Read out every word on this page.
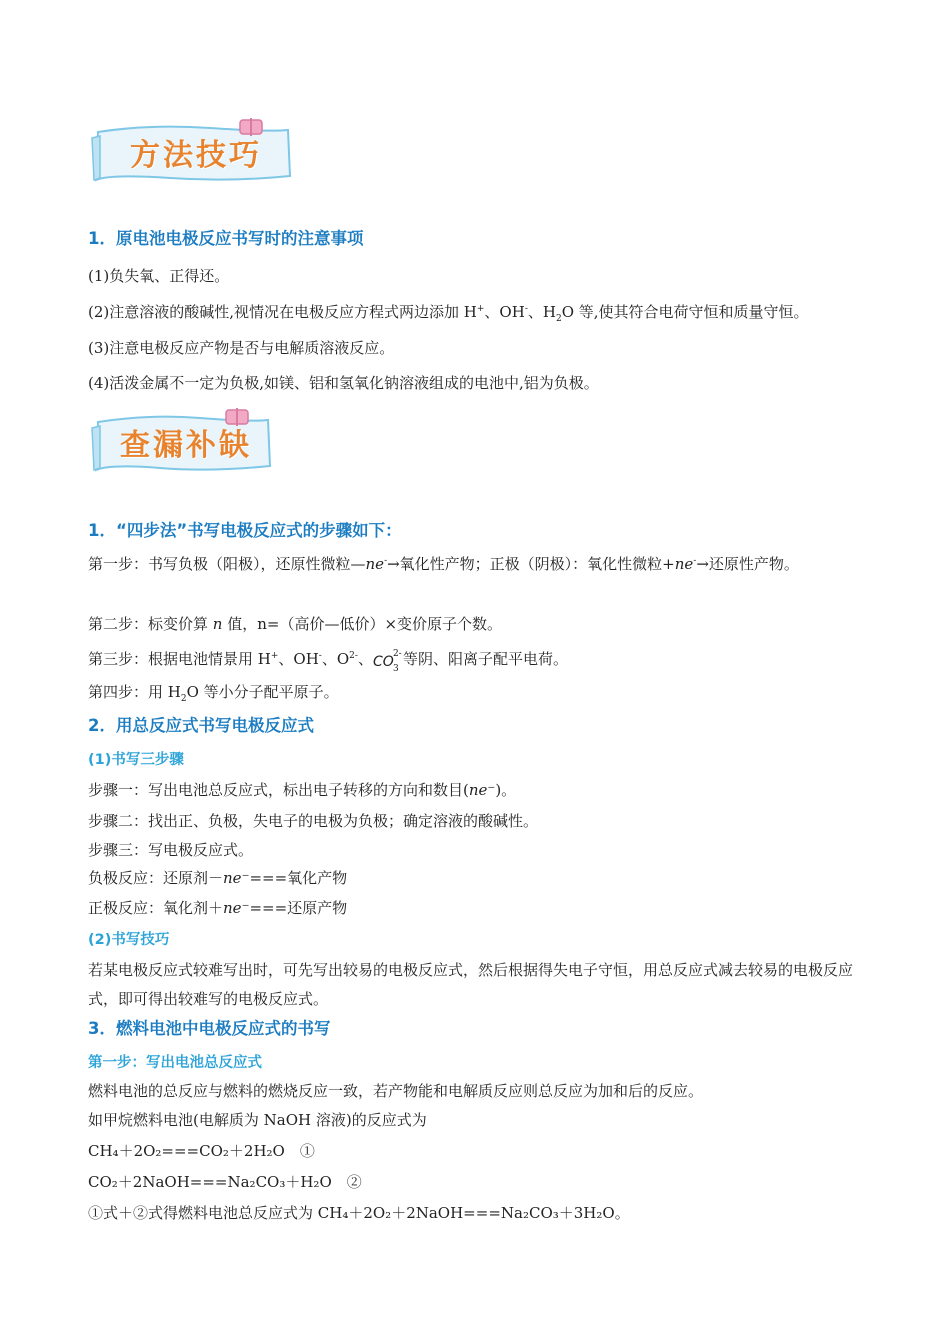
方法技巧
1．原电池电极反应书写时的注意事项
(1)负失氧、正得还。
(2)注意溶液的酸碱性,视情况在电极反应方程式两边添加 H+、OH-、$H_2O$ 等,使其符合电荷守恒和质量守恒。
(3)注意电极反应产物是否与电解质溶液反应。
(4)活泼金属不一定为负极,如镁、铝和氢氧化钠溶液组成的电池中,铝为负极。
查漏补缺
1．“四步法”书写电极反应式的步骤如下：
第一步：书写负极（阳极），还原性微粒—ne-→氧化性产物；正极（阴极）：氧化性微粒+ne-→还原性产物。
第二步：标变价算 n 值，n=（高价—低价）×变价原子个数。
第三步：根据电池情景用 H+、OH-、$O^{2-}$、CO 2-
3
等阴、阳离子配平电荷。
第四步：用 $H_2O$ 等小分子配平原子。
2．用总反应式书写电极反应式
(1)书写三步骤
步骤一：写出电池总反应式，标出电子转移的方向和数目(ne⁻)。
步骤二：找出正、负极，失电子的电极为负极；确定溶液的酸碱性。
步骤三：写电极反应式。
负极反应：还原剂－ne⁻===氧化产物
正极反应：氧化剂＋ne⁻===还原产物
(2)书写技巧
若某电极反应式较难写出时，可先写出较易的电极反应式，然后根据得失电子守恒，用总反应式减去较易的电极反应式，即可得出较难写的电极反应式。
3．燃料电池中电极反应式的书写
第一步：写出电池总反应式
燃料电池的总反应与燃料的燃烧反应一致，若产物能和电解质反应则总反应为加和后的反应。
如甲烷燃料电池(电解质为 NaOH 溶液)的反应式为
CH₄＋2O₂===CO₂＋2H₂O　①
CO₂＋2NaOH===Na₂CO₃＋H₂O　②
①式＋②式得燃料电池总反应式为 CH₄＋2O₂＋2NaOH===Na₂CO₃＋3H₂O。
